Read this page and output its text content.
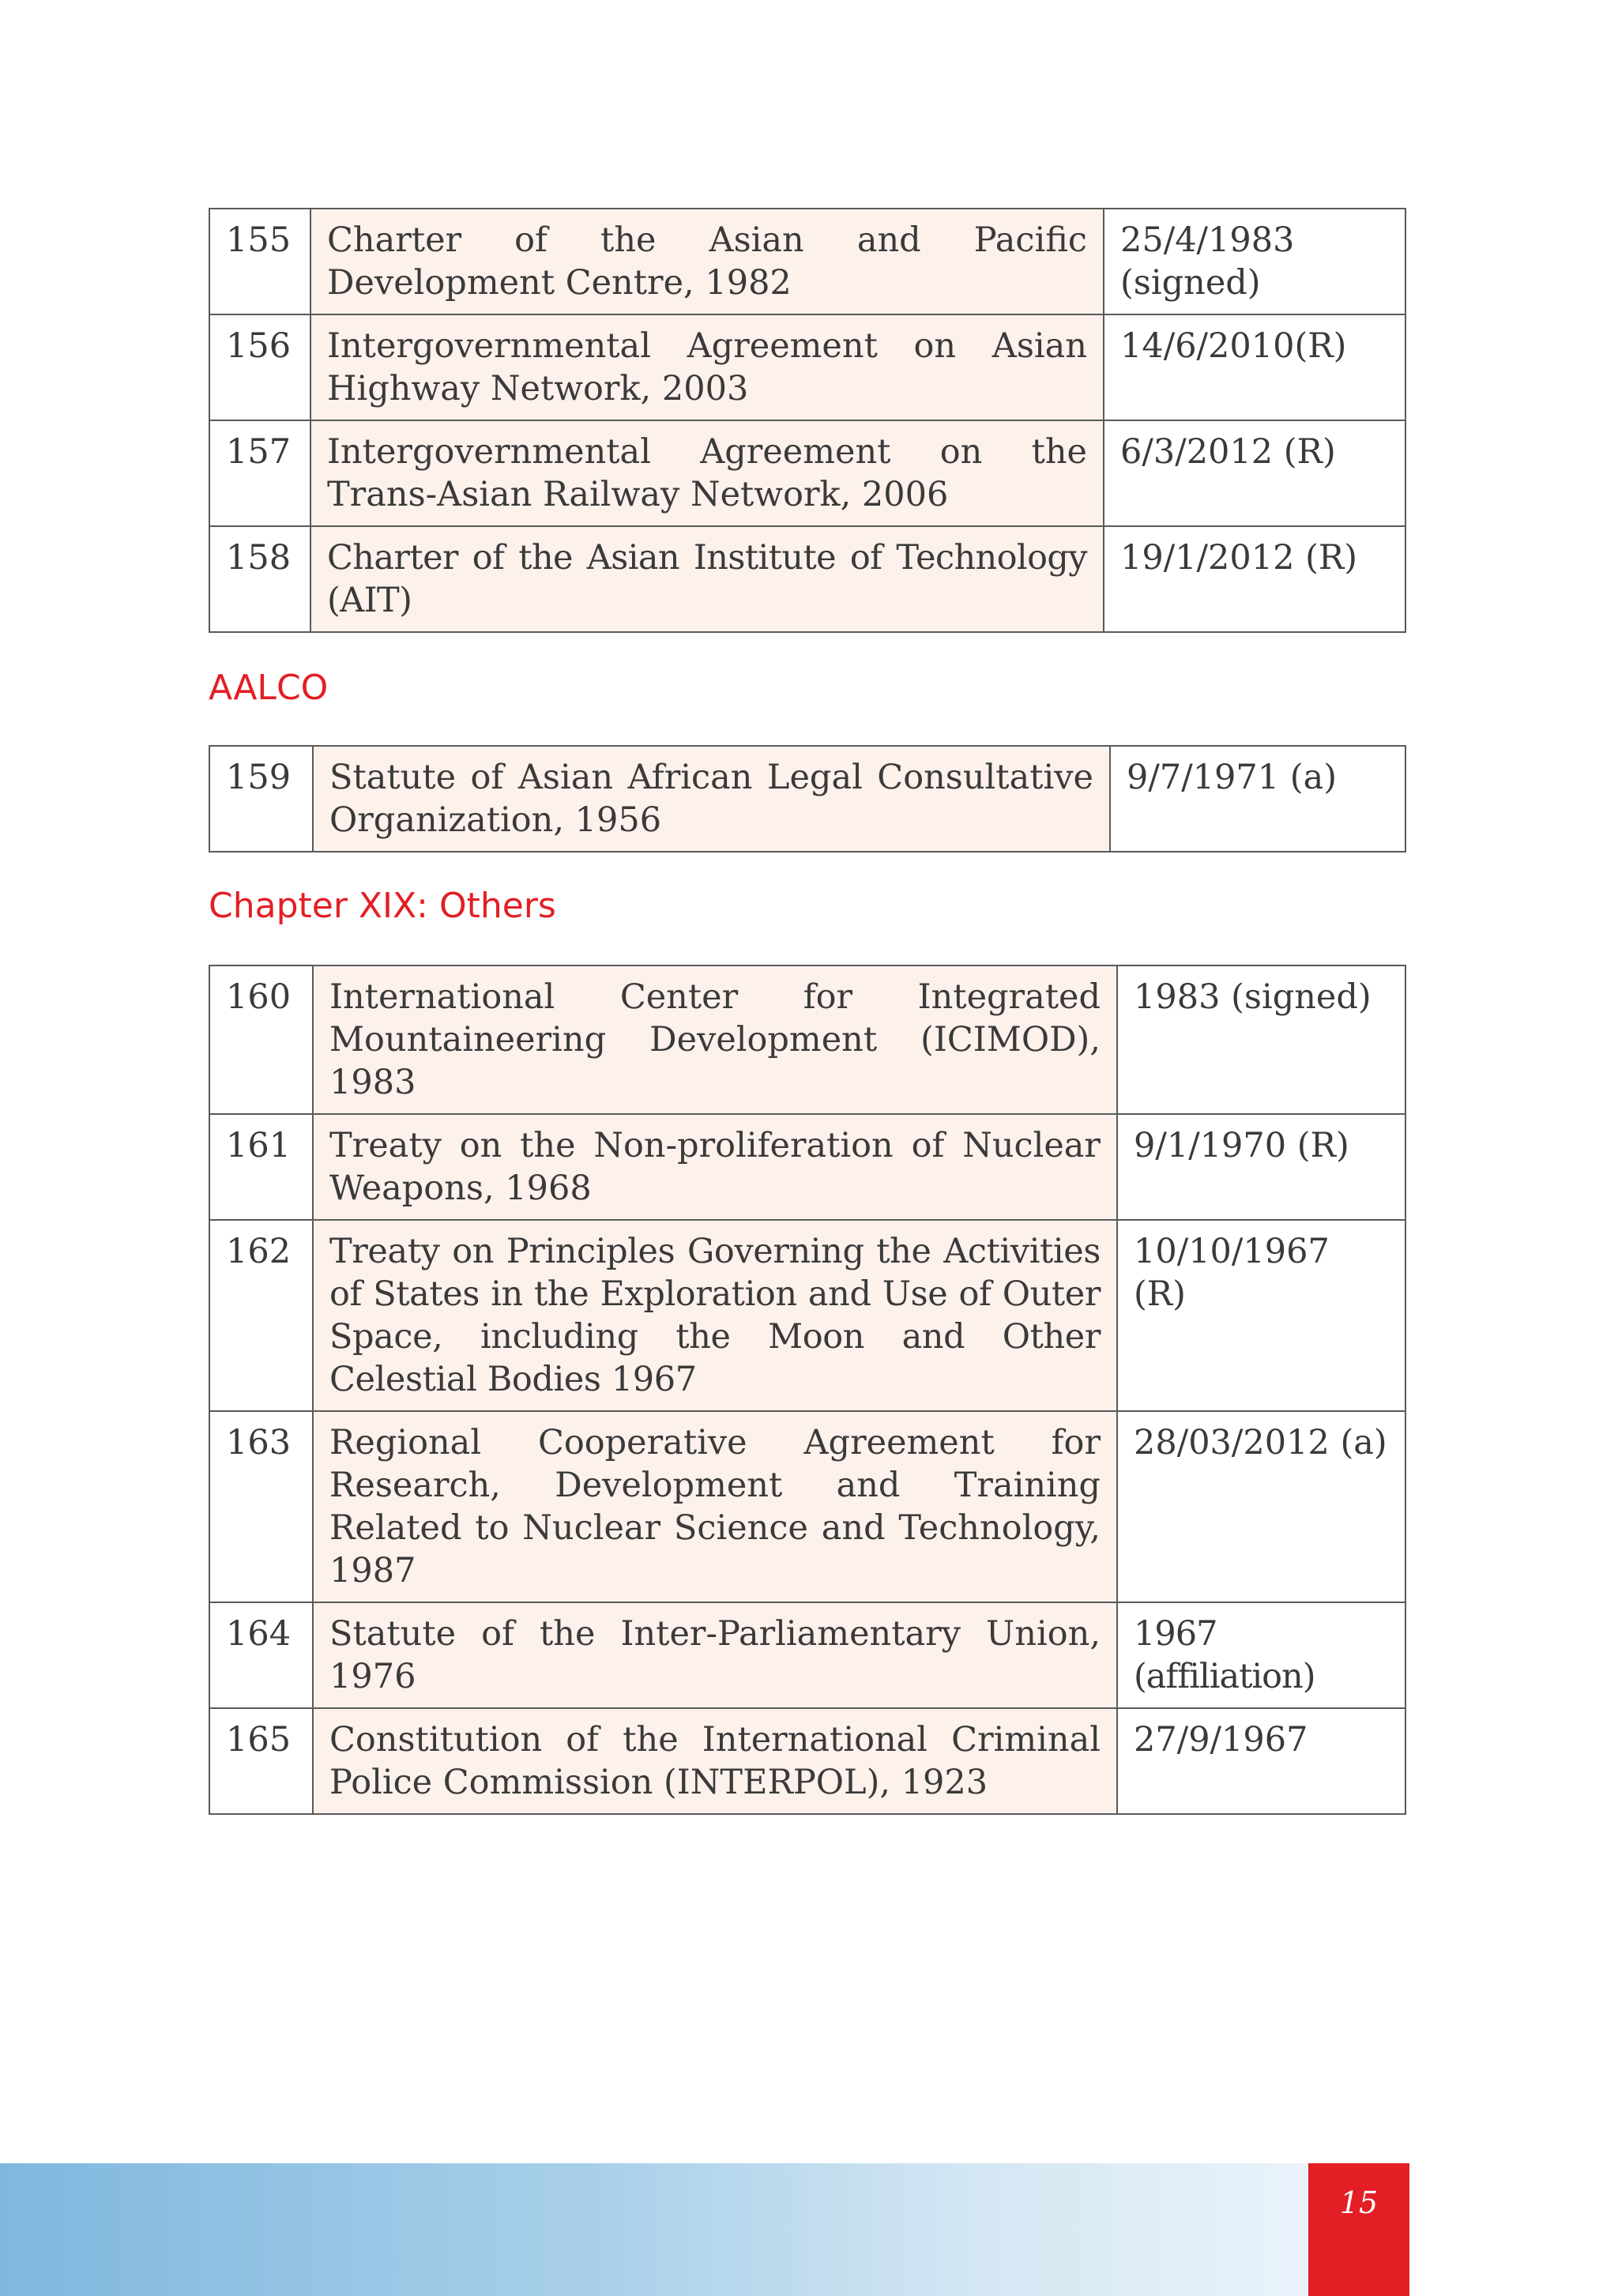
155	Charter of the Asian and Pacific Development Centre, 1982	25/4/1983 (signed)
156	Intergovernmental Agreement on Asian Highway Network, 2003	14/6/2010(R)
157	Intergovernmental Agreement on the Trans-Asian Railway Network, 2006	6/3/2012 (R)
158	Charter of the Asian Institute of Technology (AIT)	19/1/2012 (R)
AALCO
159	Statute of Asian African Legal Consultative Organization, 1956	9/7/1971 (a)
Chapter XIX: Others
160	International Center for Integrated Mountaineering Development (ICIMOD), 1983	1983 (signed)
161	Treaty on the Non-proliferation of Nuclear Weapons, 1968	9/1/1970 (R)
162	Treaty on Principles Governing the Activities of States in the Exploration and Use of Outer Space, including the Moon and Other Celestial Bodies 1967	10/10/1967 (R)
163	Regional Cooperative Agreement for Research, Development and Training Related to Nuclear Science and Technology, 1987	28/03/2012 (a)
164	Statute of the Inter-Parliamentary Union, 1976	1967 (affiliation)
165	Constitution of the International Criminal Police Commission (INTERPOL), 1923	27/9/1967
15
